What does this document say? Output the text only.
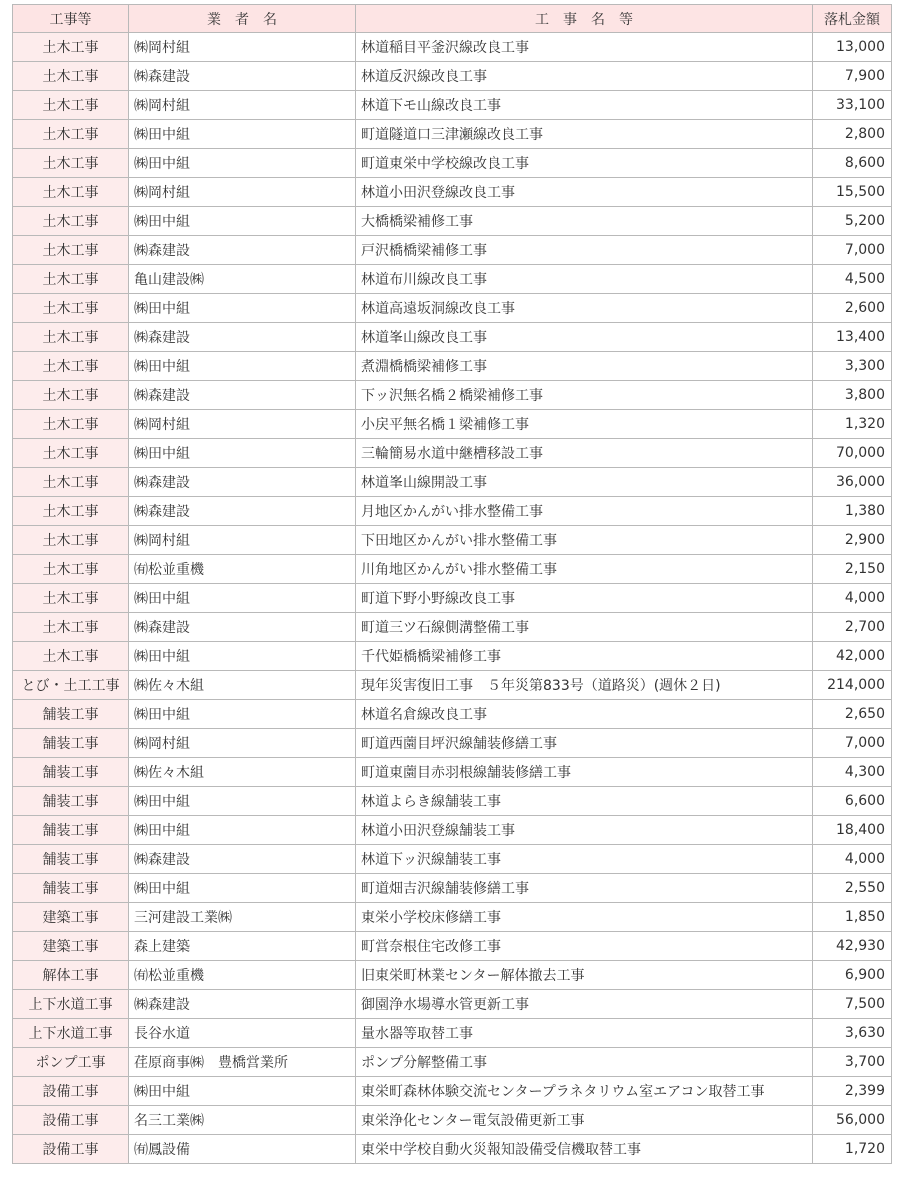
工事等	業　者　名	工　事　名　等	落札金額
土木工事	㈱岡村組	林道稲目平釜沢線改良工事	13,000
土木工事	㈱森建設	林道反沢線改良工事	7,900
土木工事	㈱岡村組	林道下モ山線改良工事	33,100
土木工事	㈱田中組	町道隧道口三津瀬線改良工事	2,800
土木工事	㈱田中組	町道東栄中学校線改良工事	8,600
土木工事	㈱岡村組	林道小田沢登線改良工事	15,500
土木工事	㈱田中組	大橋橋梁補修工事	5,200
土木工事	㈱森建設	戸沢橋橋梁補修工事	7,000
土木工事	亀山建設㈱	林道布川線改良工事	4,500
土木工事	㈱田中組	林道高遠坂洞線改良工事	2,600
土木工事	㈱森建設	林道峯山線改良工事	13,400
土木工事	㈱田中組	煮淵橋橋梁補修工事	3,300
土木工事	㈱森建設	下ッ沢無名橋２橋梁補修工事	3,800
土木工事	㈱岡村組	小戻平無名橋１梁補修工事	1,320
土木工事	㈱田中組	三輪簡易水道中継槽移設工事	70,000
土木工事	㈱森建設	林道峯山線開設工事	36,000
土木工事	㈱森建設	月地区かんがい排水整備工事	1,380
土木工事	㈱岡村組	下田地区かんがい排水整備工事	2,900
土木工事	㈲松並重機	川角地区かんがい排水整備工事	2,150
土木工事	㈱田中組	町道下野小野線改良工事	4,000
土木工事	㈱森建設	町道三ツ石線側溝整備工事	2,700
土木工事	㈱田中組	千代姫橋橋梁補修工事	42,000
とび・土工工事	㈱佐々木組	現年災害復旧工事　５年災第833号（道路災）(週休２日)	214,000
舗装工事	㈱田中組	林道名倉線改良工事	2,650
舗装工事	㈱岡村組	町道西薗目坪沢線舗装修繕工事	7,000
舗装工事	㈱佐々木組	町道東薗目赤羽根線舗装修繕工事	4,300
舗装工事	㈱田中組	林道よらき線舗装工事	6,600
舗装工事	㈱田中組	林道小田沢登線舗装工事	18,400
舗装工事	㈱森建設	林道下ッ沢線舗装工事	4,000
舗装工事	㈱田中組	町道畑吉沢線舗装修繕工事	2,550
建築工事	三河建設工業㈱	東栄小学校床修繕工事	1,850
建築工事	森上建築	町営奈根住宅改修工事	42,930
解体工事	㈲松並重機	旧東栄町林業センター解体撤去工事	6,900
上下水道工事	㈱森建設	御園浄水場導水管更新工事	7,500
上下水道工事	長谷水道	量水器等取替工事	3,630
ポンプ工事	荏原商事㈱　豊橋営業所	ポンプ分解整備工事	3,700
設備工事	㈱田中組	東栄町森林体験交流センタープラネタリウム室エアコン取替工事	2,399
設備工事	名三工業㈱	東栄浄化センター電気設備更新工事	56,000
設備工事	㈲鳳設備	東栄中学校自動火災報知設備受信機取替工事	1,720
